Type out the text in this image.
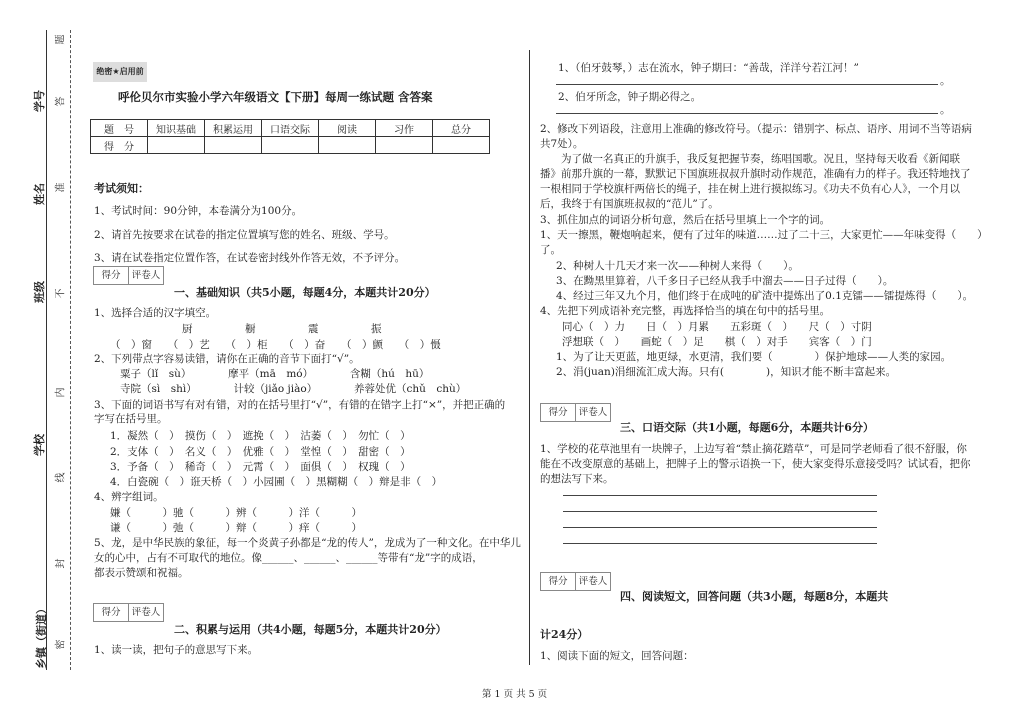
题
学号 答
姓名 准
班级 不
内
学校
线
封
乡镇（街道） 密
绝密★启用前
呼伦贝尔市实验小学六年级语文【下册】每周一练试题 含答案
题　号	知识基础	积累运用	口语交际	阅读	习作	总分
得　分						
考试须知：
1、考试时间：90分钟，本卷满分为100分。
2、请首先按要求在试卷的指定位置填写您的姓名、班级、学号。
3、请在试卷指定位置作答，在试卷密封线外作答无效，不予评分。
得分 评卷人
一、基础知识（共5小题，每题4分，本题共计20分）
1、选择合适的汉字填空。
厨　　　　　橱　　　　　震　　　　　振
（　）窗　　（　）艺　　（　）柜　　（　）奋　　（　）颤　　（　）慑
2、下列带点字容易读错，请你在正确的音节下面打“√”。
粟子（lǐ　sù）　　　　摩平（mā　mó）　　　　含糊（hú　hū）
寺院（sì　shì）　　　　计较（jiǎo jiào）　　　　养蓉处优（chǔ　chù）
3、下面的词语书写有对有错，对的在括号里打“√”，有错的在错字上打“×”，并把正确的
字写在括号里。
1．凝然（　）　摸伤（　）　遮挽（　）　沽萎（　）　勿忙（　）
2．支体（　）　名义（　）　优雅（　）　堂惶（　）　甜密（　）
3．予备（　）　稀奇（　）　元霄（　）　面俱（　）　权瑰（　）
4．白瓷碗（　）诳天桥（　）小园圃（　）黑糊糊（　）辩是非（　）
4、辨字组词。
嫌（　　　）驰（　　　）辨（　　　）洋（　　　）
谦（　　　）弛（　　　）辩（　　　）痒（　　　）
5、龙，是中华民族的象征，每一个炎黄子孙都是“龙的传人”，龙成为了一种文化。在中华儿
女的心中，占有不可取代的地位。像______、______、______等带有“龙”字的成语，
都表示赞颂和祝福。
得分 评卷人
二、积累与运用（共4小题，每题5分，本题共计20分）
1、读一读，把句子的意思写下来。
1、（伯牙鼓琴，）志在流水，钟子期曰：“善哉，洋洋兮若江河！”
。
2、伯牙所念，钟子期必得之。
。
2、修改下列语段，注意用上准确的修改符号。（提示：错别字、标点、语序、用词不当等语病
共7处）。
　　为了做一名真正的升旗手，我反复把握节奏，练唱国歌。况且，坚持每天收看《新闻联
播》前那升旗的一幕，默默记下国旗班叔叔升旗时动作规范，准确有力的样子。我还特地找了
一根相同于学校旗杆两倍长的绳子，挂在树上进行摸拟练习。《功夫不负有心人》，一个月以
后，我终于有国旗班叔叔的“范儿”了。
3、抓住加点的词语分析句意，然后在括号里填上一个字的词。
1、天一擦黑，鞭炮响起来，便有了过年的味道……过了二十三，大家更忙——年味变得（　　）
了。
2、种树人十几天才来一次——种树人来得（　　）。
3、在黝黑里算着，八千多日子已经从我手中溜去——日子过得（　　）。
4、经过三年又九个月，他们终于在成吨的矿渣中提炼出了0.1克镭——镭提炼得（　　）。
4、先把下列成语补充完整，再选择恰当的填在句中的括号里。
同心（　）力　　日（　）月累　　五彩斑（　）　　尺（　）寸阴
浮想联（　）　　画蛇（　）足　　棋（　）对手　　宾客（　）门
1、为了让天更蓝，地更绿，水更清，我们要（　　　　）保护地球——人类的家园。
2、涓(juan)涓细流汇成大海。只有(　　　　)，知识才能不断丰富起来。
得分 评卷人
三、口语交际（共1小题，每题6分，本题共计6分）
1、学校的花草池里有一块牌子，上边写着“禁止摘花踏草”，可是同学老师看了很不舒服，你
能在不改变原意的基础上，把牌子上的警示语换一下，使大家变得乐意接受吗？试试看，把你
的想法写下来。
得分 评卷人
四、阅读短文，回答问题（共3小题，每题8分，本题共
计24分）
1、阅读下面的短文，回答问题：
第 1 页 共 5 页
